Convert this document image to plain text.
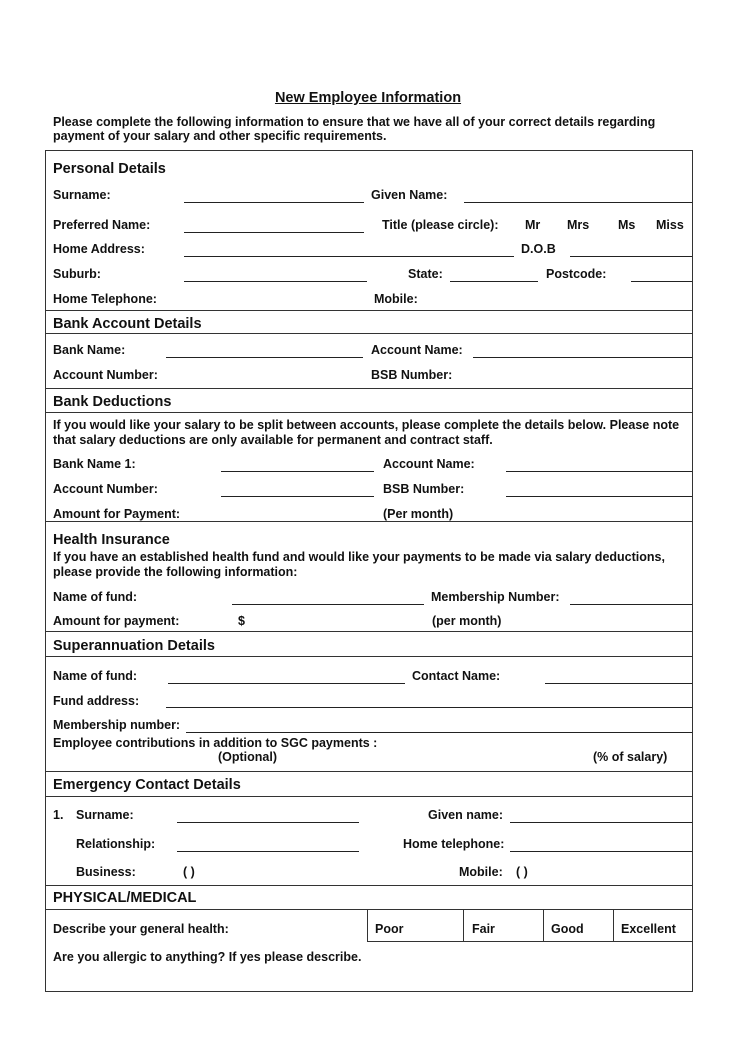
New Employee Information
Please complete the following information to ensure that we have all of your correct details regarding
payment of your salary and other specific requirements.
Personal Details
Surname:	Given Name:
Preferred Name:	Title (please circle): Mr Mrs Ms Miss
Home Address:	D.O.B
Suburb:	State:	Postcode:
Home Telephone:	Mobile:
Bank Account Details
Bank Name:	Account Name:
Account Number:	BSB Number:
Bank Deductions
If you would like your salary to be split between accounts, please complete the details below. Please note
that salary deductions are only available for permanent and contract staff.
Bank Name 1:	Account Name:
Account Number:	BSB Number:
Amount for Payment:	(Per month)
Health Insurance
If you have an established health fund and would like your payments to be made via salary deductions,
please provide the following information:
Name of fund:	Membership Number:
Amount for payment:	$	(per month)
Superannuation Details
Name of fund:	Contact Name:
Fund address:
Membership number:
Employee contributions in addition to SGC payments :
(Optional)	(% of salary)
Emergency Contact Details
1. Surname:	Given name:
Relationship:	Home telephone:
Business:	( )	Mobile: ( )
PHYSICAL/MEDICAL
Describe your general health:	Poor	Fair	Good	Excellent
Are you allergic to anything? If yes please describe.
